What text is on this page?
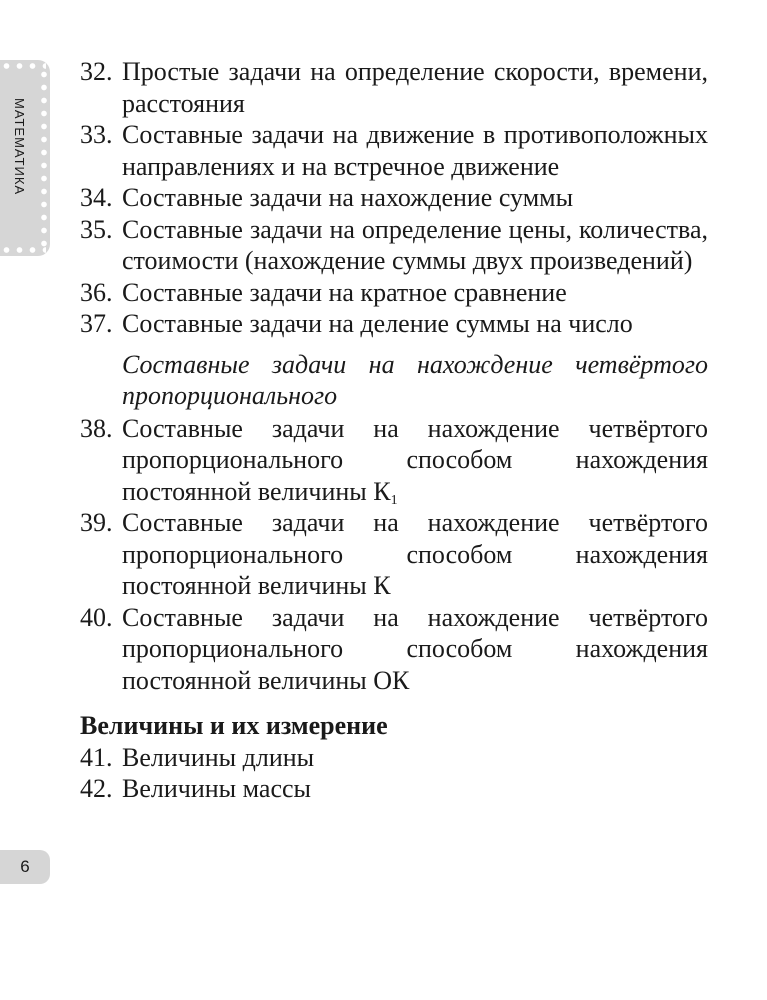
МАТЕМАТИКА
6
32. Простые задачи на определение скорости, времени, расстояния
33. Составные задачи на движение в противоположных направлениях и на встречное движение
34. Составные задачи на нахождение суммы
35. Составные задачи на определение цены, количества, стоимости (нахождение суммы двух произведений)
36. Составные задачи на кратное сравнение
37. Составные задачи на деление суммы на число
Составные задачи на нахождение четвёртого пропорционального
38. Составные задачи на нахождение четвёртого пропорционального способом нахождения постоянной величины $К_1$
39. Составные задачи на нахождение четвёртого пропорционального способом нахождения постоянной величины К
40. Составные задачи на нахождение четвёртого пропорционального способом нахождения постоянной величины ОК
Величины и их измерение
41. Величины длины
42. Величины массы
